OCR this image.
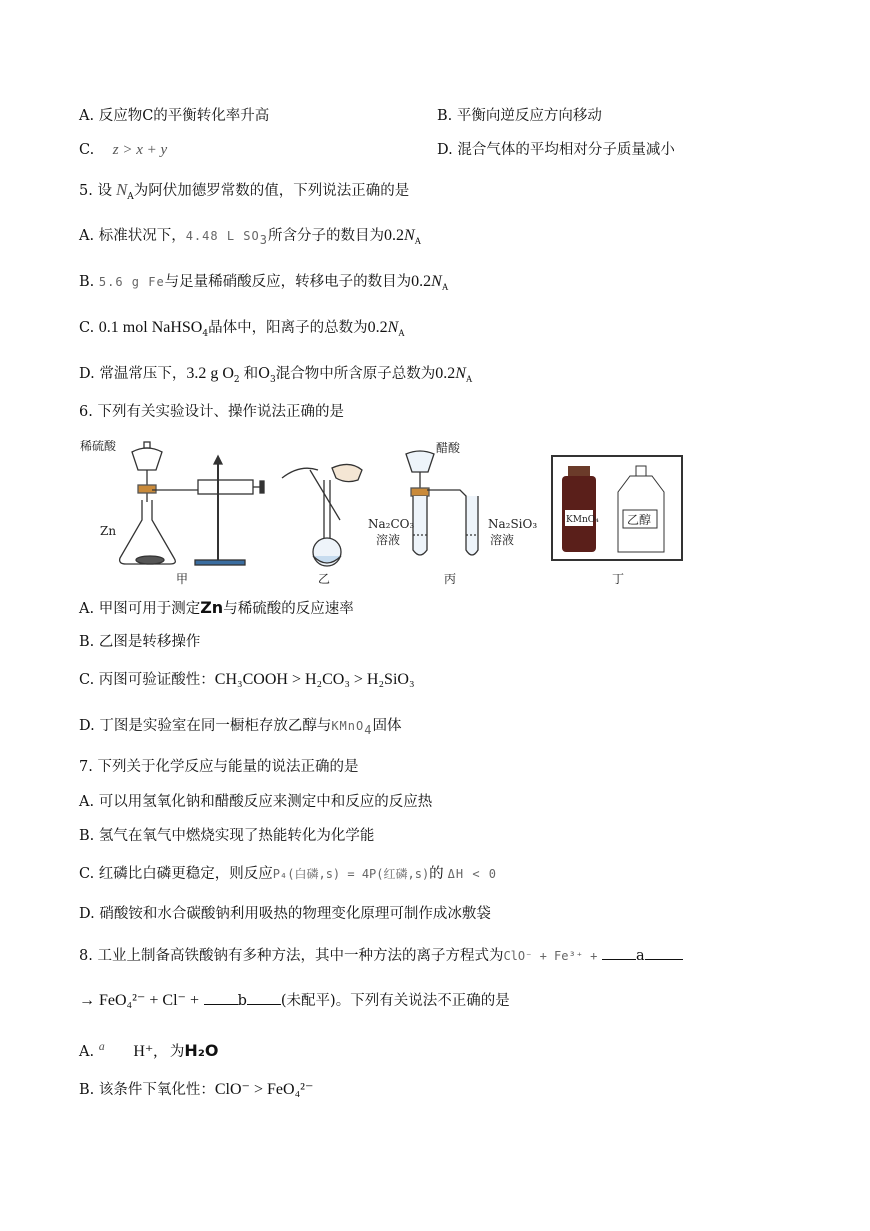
A. 反应物C的平衡转化率升高	B. 平衡向逆反应方向移动
C. z > x + y	D. 混合气体的平均相对分子质量减小
5. 设 $N_A$为阿伏加德罗常数的值，下列说法正确的是
A. 标准状况下，4.48 L $SO_3$所含分子的数目为$0.2N_A$
B. 5.6 g Fe与足量稀硝酸反应，转移电子的数目为$0.2N_A$
C. 0.1 mol NaHSO$_4$晶体中，阳离子的总数为$0.2N_A$
D. 常温常压下，3.2 g $O_2$ 和$O_3$混合物中所含原子总数为$0.2N_A$
6. 下列有关实验设计、操作说法正确的是
稀硫酸
Zn
甲	乙
醋酸
Na₂CO₃
溶液
Na₂SiO₃
溶液
丙
KMnO₄ 乙醇
丁
A. 甲图可用于测定Zn与稀硫酸的反应速率
B. 乙图是转移操作
C. 丙图可验证酸性：CH₃COOH > H₂CO₃ > H₂SiO₃
D. 丁图是实验室在同一橱柜存放乙醇与KMnO$_4$固体
7. 下列关于化学反应与能量的说法正确的是
A. 可以用氢氧化钠和醋酸反应来测定中和反应的反应热
B. 氢气在氧气中燃烧实现了热能转化为化学能
C. 红磷比白磷更稳定，则反应P₄(白磷,s) = 4P(红磷,s)的 ΔH < 0
D. 硝酸铵和水合碳酸钠利用吸热的物理变化原理可制作成冰敷袋
8. 工业上制备高铁酸钠有多种方法，其中一种方法的离子方程式为ClO⁻ + Fe³⁺ +	a
→ FeO₄²⁻ + Cl⁻ +	b (未配平)。下列有关说法不正确的是
A. $^a$ H⁺, 为H₂O
B. 该条件下氧化性：ClO⁻ > FeO₄²⁻
